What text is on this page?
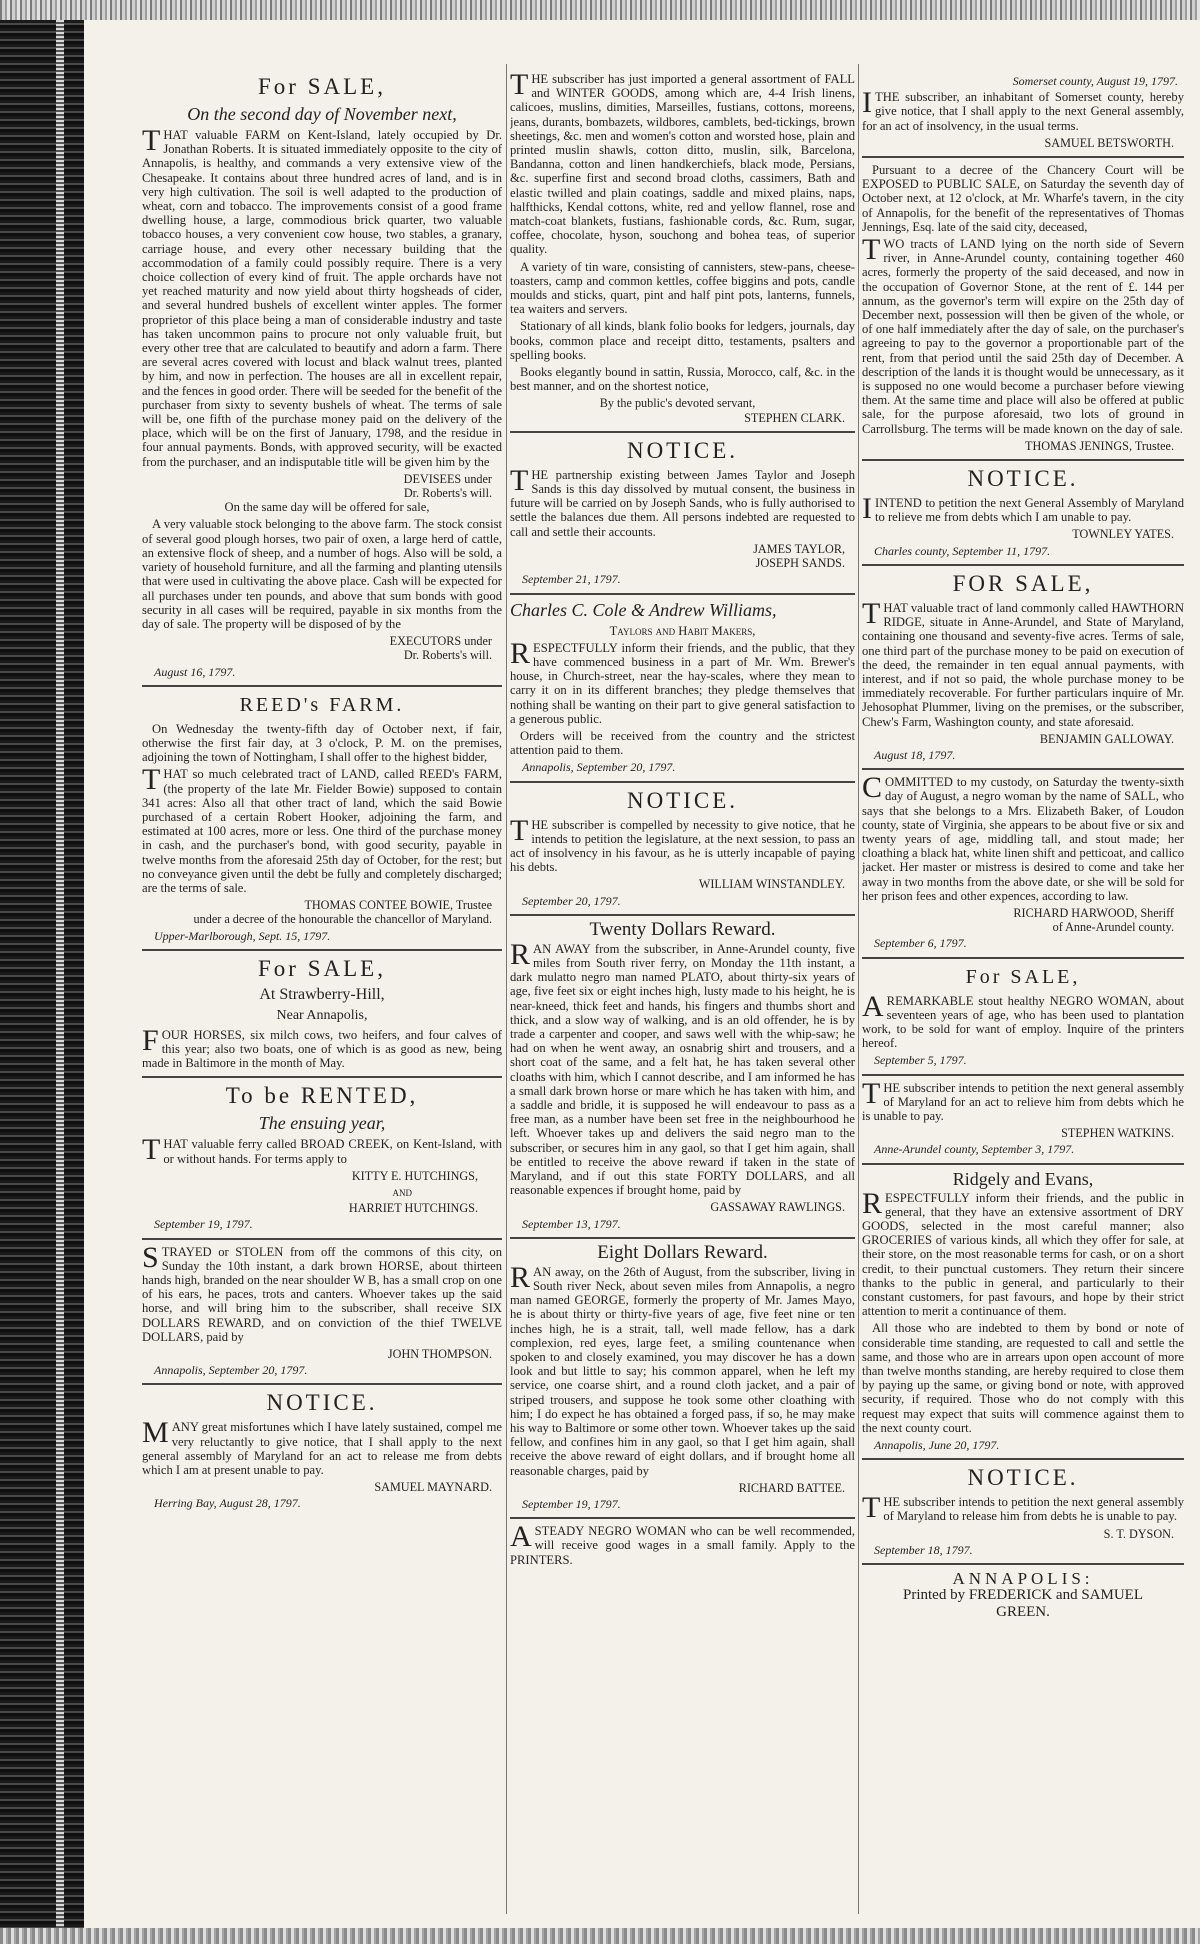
For SALE,
On the second day of November next,

THAT valuable FARM on Kent-Island, lately occupied by Dr. Jonathan Roberts. It is situated immediately opposite to the city of Annapolis, is healthy, and commands a very extensive view of the Chesapeake. It contains about three hundred acres of land, and is in very high cultivation. The soil is well adapted to the production of wheat, corn and tobacco. The improvements consist of a good frame dwelling house, a large, commodious brick quarter, two valuable tobacco houses, a very convenient cow house, two stables, a granary, carriage house, and every other necessary building that the accommodation of a family could possibly require. There is a very choice collection of every kind of fruit. The apple orchards have not yet reached maturity and now yield about thirty hogsheads of cider, and several hundred bushels of excellent winter apples. The former proprietor of this place being a man of considerable industry and taste has taken uncommon pains to procure not only valuable fruit, but every other tree that are calculated to beautify and adorn a farm. There are several acres covered with locust and black walnut trees, planted by him, and now in perfection. The houses are all in excellent repair, and the fences in good order. There will be seeded for the benefit of the purchaser from sixty to seventy bushels of wheat. The terms of sale will be, one fifth of the purchase money paid on the delivery of the place, which will be on the first of January, 1798, and the residue in four annual payments. Bonds, with approved security, will be exacted from the purchaser, and an indisputable title will be given him by the

DEVISEES under
Dr. Roberts's will.

On the same day will be offered for sale,

A very valuable stock belonging to the above farm. The stock consist of several good plough horses, two pair of oxen, a large herd of cattle, an extensive flock of sheep, and a number of hogs. Also will be sold, a variety of household furniture, and all the farming and planting utensils that were used in cultivating the above place. Cash will be expected for all purchases under ten pounds, and above that sum bonds with good security in all cases will be required, payable in six months from the day of sale. The property will be disposed of by the

EXECUTORS under
Dr. Roberts's will.
August 16, 1797.
REED's FARM.

On Wednesday the twenty-fifth day of October next, if fair, otherwise the first fair day, at 3 o'clock, P. M. on the premises, adjoining the town of Nottingham, I shall offer to the highest bidder,

THAT so much celebrated tract of LAND, called REED's FARM, (the property of the late Mr. Fielder Bowie) supposed to contain 341 acres: Also all that other tract of land, which the said Bowie purchased of a certain Robert Hooker, adjoining the farm, and estimated at 100 acres, more or less. One third of the purchase money in cash, and the purchaser's bond, with good security, payable in twelve months from the aforesaid 25th day of October, for the rest; but no conveyance given until the debt be fully and completely discharged; are the terms of sale.

THOMAS CONTEE BOWIE, Trustee
under a decree of the honourable the chancellor of Maryland.
Upper-Marlborough, Sept. 15, 1797.
For SALE,
At Strawberry-Hill,
Near Annapolis,

FOUR HORSES, six milch cows, two heifers, and four calves of this year; also two boats, one of which is as good as new, being made in Baltimore in the month of May.

To be RENTED,
The ensuing year,

THAT valuable ferry called BROAD CREEK, on Kent-Island, with or without hands. For terms apply to

KITTY E. HUTCHINGS,
and
HARRIET HUTCHINGS.
September 19, 1797.

STRAYED or STOLEN from off the commons of this city, on Sunday the 10th instant, a dark brown HORSE, about thirteen hands high, branded on the near shoulder W B, has a small crop on one of his ears, he paces, trots and canters. Whoever takes up the said horse, and will bring him to the subscriber, shall receive SIX DOLLARS REWARD, and on conviction of the thief TWELVE DOLLARS, paid by

JOHN THOMPSON.
Annapolis, September 20, 1797.
NOTICE.

MANY great misfortunes which I have lately sustained, compel me very reluctantly to give notice, that I shall apply to the next general assembly of Maryland for an act to release me from debts which I am at present unable to pay.

SAMUEL MAYNARD.
Herring Bay, August 28, 1797.

THE subscriber has just imported a general assortment of FALL and WINTER GOODS, among which are, 4-4 Irish linens, calicoes, muslins, dimities, Marseilles, fustians, cottons, moreens, jeans, durants, bombazets, wildbores, camblets, bed-tickings, brown sheetings, &c. men and women's cotton and worsted hose, plain and printed muslin shawls, cotton ditto, muslin, silk, Barcelona, Bandanna, cotton and linen handkerchiefs, black mode, Persians, &c. superfine first and second broad cloths, cassimers, Bath and elastic twilled and plain coatings, saddle and mixed plains, naps, halfthicks, Kendal cottons, white, red and yellow flannel, rose and match-coat blankets, fustians, fashionable cords, &c. Rum, sugar, coffee, chocolate, hyson, souchong and bohea teas, of superior quality.

A variety of tin ware, consisting of cannisters, stew-pans, cheese-toasters, camp and common kettles, coffee biggins and pots, candle moulds and sticks, quart, pint and half pint pots, lanterns, funnels, tea waiters and servers.

Stationary of all kinds, blank folio books for ledgers, journals, day books, common place and receipt ditto, testaments, psalters and spelling books.

Books elegantly bound in sattin, Russia, Morocco, calf, &c. in the best manner, and on the shortest notice,

By the public's devoted servant,
STEPHEN CLARK.
NOTICE.

THE partnership existing between James Taylor and Joseph Sands is this day dissolved by mutual consent, the business in future will be carried on by Joseph Sands, who is fully authorised to settle the balances due them. All persons indebted are requested to call and settle their accounts.

JAMES TAYLOR,
JOSEPH SANDS.
September 21, 1797.
Charles C. Cole & Andrew Williams,
Taylors and Habit Makers,

RESPECTFULLY inform their friends, and the public, that they have commenced business in a part of Mr. Wm. Brewer's house, in Church-street, near the hay-scales, where they mean to carry it on in its different branches; they pledge themselves that nothing shall be wanting on their part to give general satisfaction to a generous public.

Orders will be received from the country and the strictest attention paid to them.

Annapolis, September 20, 1797.
NOTICE.

THE subscriber is compelled by necessity to give notice, that he intends to petition the legislature, at the next session, to pass an act of insolvency in his favour, as he is utterly incapable of paying his debts.

WILLIAM WINSTANDLEY.
September 20, 1797.
Twenty Dollars Reward.

RAN AWAY from the subscriber, in Anne-Arundel county, five miles from South river ferry, on Monday the 11th instant, a dark mulatto negro man named PLATO, about thirty-six years of age, five feet six or eight inches high, lusty made to his height, he is near-kneed, thick feet and hands, his fingers and thumbs short and thick, and a slow way of walking, and is an old offender, he is by trade a carpenter and cooper, and saws well with the whip-saw; he had on when he went away, an osnabrig shirt and trousers, and a short coat of the same, and a felt hat, he has taken several other cloaths with him, which I cannot describe, and I am informed he has a small dark brown horse or mare which he has taken with him, and a saddle and bridle, it is supposed he will endeavour to pass as a free man, as a number have been set free in the neighbourhood he left. Whoever takes up and delivers the said negro man to the subscriber, or secures him in any gaol, so that I get him again, shall be entitled to receive the above reward if taken in the state of Maryland, and if out this state FORTY DOLLARS, and all reasonable expences if brought home, paid by

GASSAWAY RAWLINGS.
September 13, 1797.
Eight Dollars Reward.

RAN away, on the 26th of August, from the subscriber, living in South river Neck, about seven miles from Annapolis, a negro man named GEORGE, formerly the property of Mr. James Mayo, he is about thirty or thirty-five years of age, five feet nine or ten inches high, he is a strait, tall, well made fellow, has a dark complexion, red eyes, large feet, a smiling countenance when spoken to and closely examined, you may discover he has a down look and but little to say; his common apparel, when he left my service, one coarse shirt, and a round cloth jacket, and a pair of striped trousers, and suppose he took some other cloathing with him; I do expect he has obtained a forged pass, if so, he may make his way to Baltimore or some other town. Whoever takes up the said fellow, and confines him in any gaol, so that I get him again, shall receive the above reward of eight dollars, and if brought home all reasonable charges, paid by

RICHARD BATTEE.
September 19, 1797.

ASTEADY NEGRO WOMAN who can be well recommended, will receive good wages in a small family. Apply to the PRINTERS.

Somerset county, August 19, 1797.

ITHE subscriber, an inhabitant of Somerset county, hereby give notice, that I shall apply to the next General assembly, for an act of insolvency, in the usual terms.

SAMUEL BETSWORTH.

Pursuant to a decree of the Chancery Court will be EXPOSED to PUBLIC SALE, on Saturday the seventh day of October next, at 12 o'clock, at Mr. Wharfe's tavern, in the city of Annapolis, for the benefit of the representatives of Thomas Jennings, Esq. late of the said city, deceased,

TWO tracts of LAND lying on the north side of Severn river, in Anne-Arundel county, containing together 460 acres, formerly the property of the said deceased, and now in the occupation of Governor Stone, at the rent of £. 144 per annum, as the governor's term will expire on the 25th day of December next, possession will then be given of the whole, or of one half immediately after the day of sale, on the purchaser's agreeing to pay to the governor a proportionable part of the rent, from that period until the said 25th day of December. A description of the lands it is thought would be unnecessary, as it is supposed no one would become a purchaser before viewing them. At the same time and place will also be offered at public sale, for the purpose aforesaid, two lots of ground in Carrollsburg. The terms will be made known on the day of sale.

THOMAS JENINGS, Trustee.
NOTICE.

IINTEND to petition the next General Assembly of Maryland to relieve me from debts which I am unable to pay.

TOWNLEY YATES.
Charles county, September 11, 1797.
FOR SALE,

THAT valuable tract of land commonly called HAWTHORN RIDGE, situate in Anne-Arundel, and State of Maryland, containing one thousand and seventy-five acres. Terms of sale, one third part of the purchase money to be paid on execution of the deed, the remainder in ten equal annual payments, with interest, and if not so paid, the whole purchase money to be immediately recoverable. For further particulars inquire of Mr. Jehosophat Plummer, living on the premises, or the subscriber, Chew's Farm, Washington county, and state aforesaid.

BENJAMIN GALLOWAY.
August 18, 1797.

COMMITTED to my custody, on Saturday the twenty-sixth day of August, a negro woman by the name of SALL, who says that she belongs to a Mrs. Elizabeth Baker, of Loudon county, state of Virginia, she appears to be about five or six and twenty years of age, middling tall, and stout made; her cloathing a black hat, white linen shift and petticoat, and callico jacket. Her master or mistress is desired to come and take her away in two months from the above date, or she will be sold for her prison fees and other expences, according to law.

RICHARD HARWOOD, Sheriff
of Anne-Arundel county.
September 6, 1797.
For SALE,

AREMARKABLE stout healthy NEGRO WOMAN, about seventeen years of age, who has been used to plantation work, to be sold for want of employ. Inquire of the printers hereof.

September 5, 1797.

THE subscriber intends to petition the next general assembly of Maryland for an act to relieve him from debts which he is unable to pay.

STEPHEN WATKINS.
Anne-Arundel county, September 3, 1797.
Ridgely and Evans,

RESPECTFULLY inform their friends, and the public in general, that they have an extensive assortment of DRY GOODS, selected in the most careful manner; also GROCERIES of various kinds, all which they offer for sale, at their store, on the most reasonable terms for cash, or on a short credit, to their punctual customers. They return their sincere thanks to the public in general, and particularly to their constant customers, for past favours, and hope by their strict attention to merit a continuance of them.

All those who are indebted to them by bond or note of considerable time standing, are requested to call and settle the same, and those who are in arrears upon open account of more than twelve months standing, are hereby required to close them by paying up the same, or giving bond or note, with approved security, if required. Those who do not comply with this request may expect that suits will commence against them to the next county court.

Annapolis, June 20, 1797.
NOTICE.

THE subscriber intends to petition the next general assembly of Maryland to release him from debts he is unable to pay.

S. T. DYSON.
September 18, 1797.
ANNAPOLIS:
Printed by FREDERICK and SAMUEL
GREEN.
